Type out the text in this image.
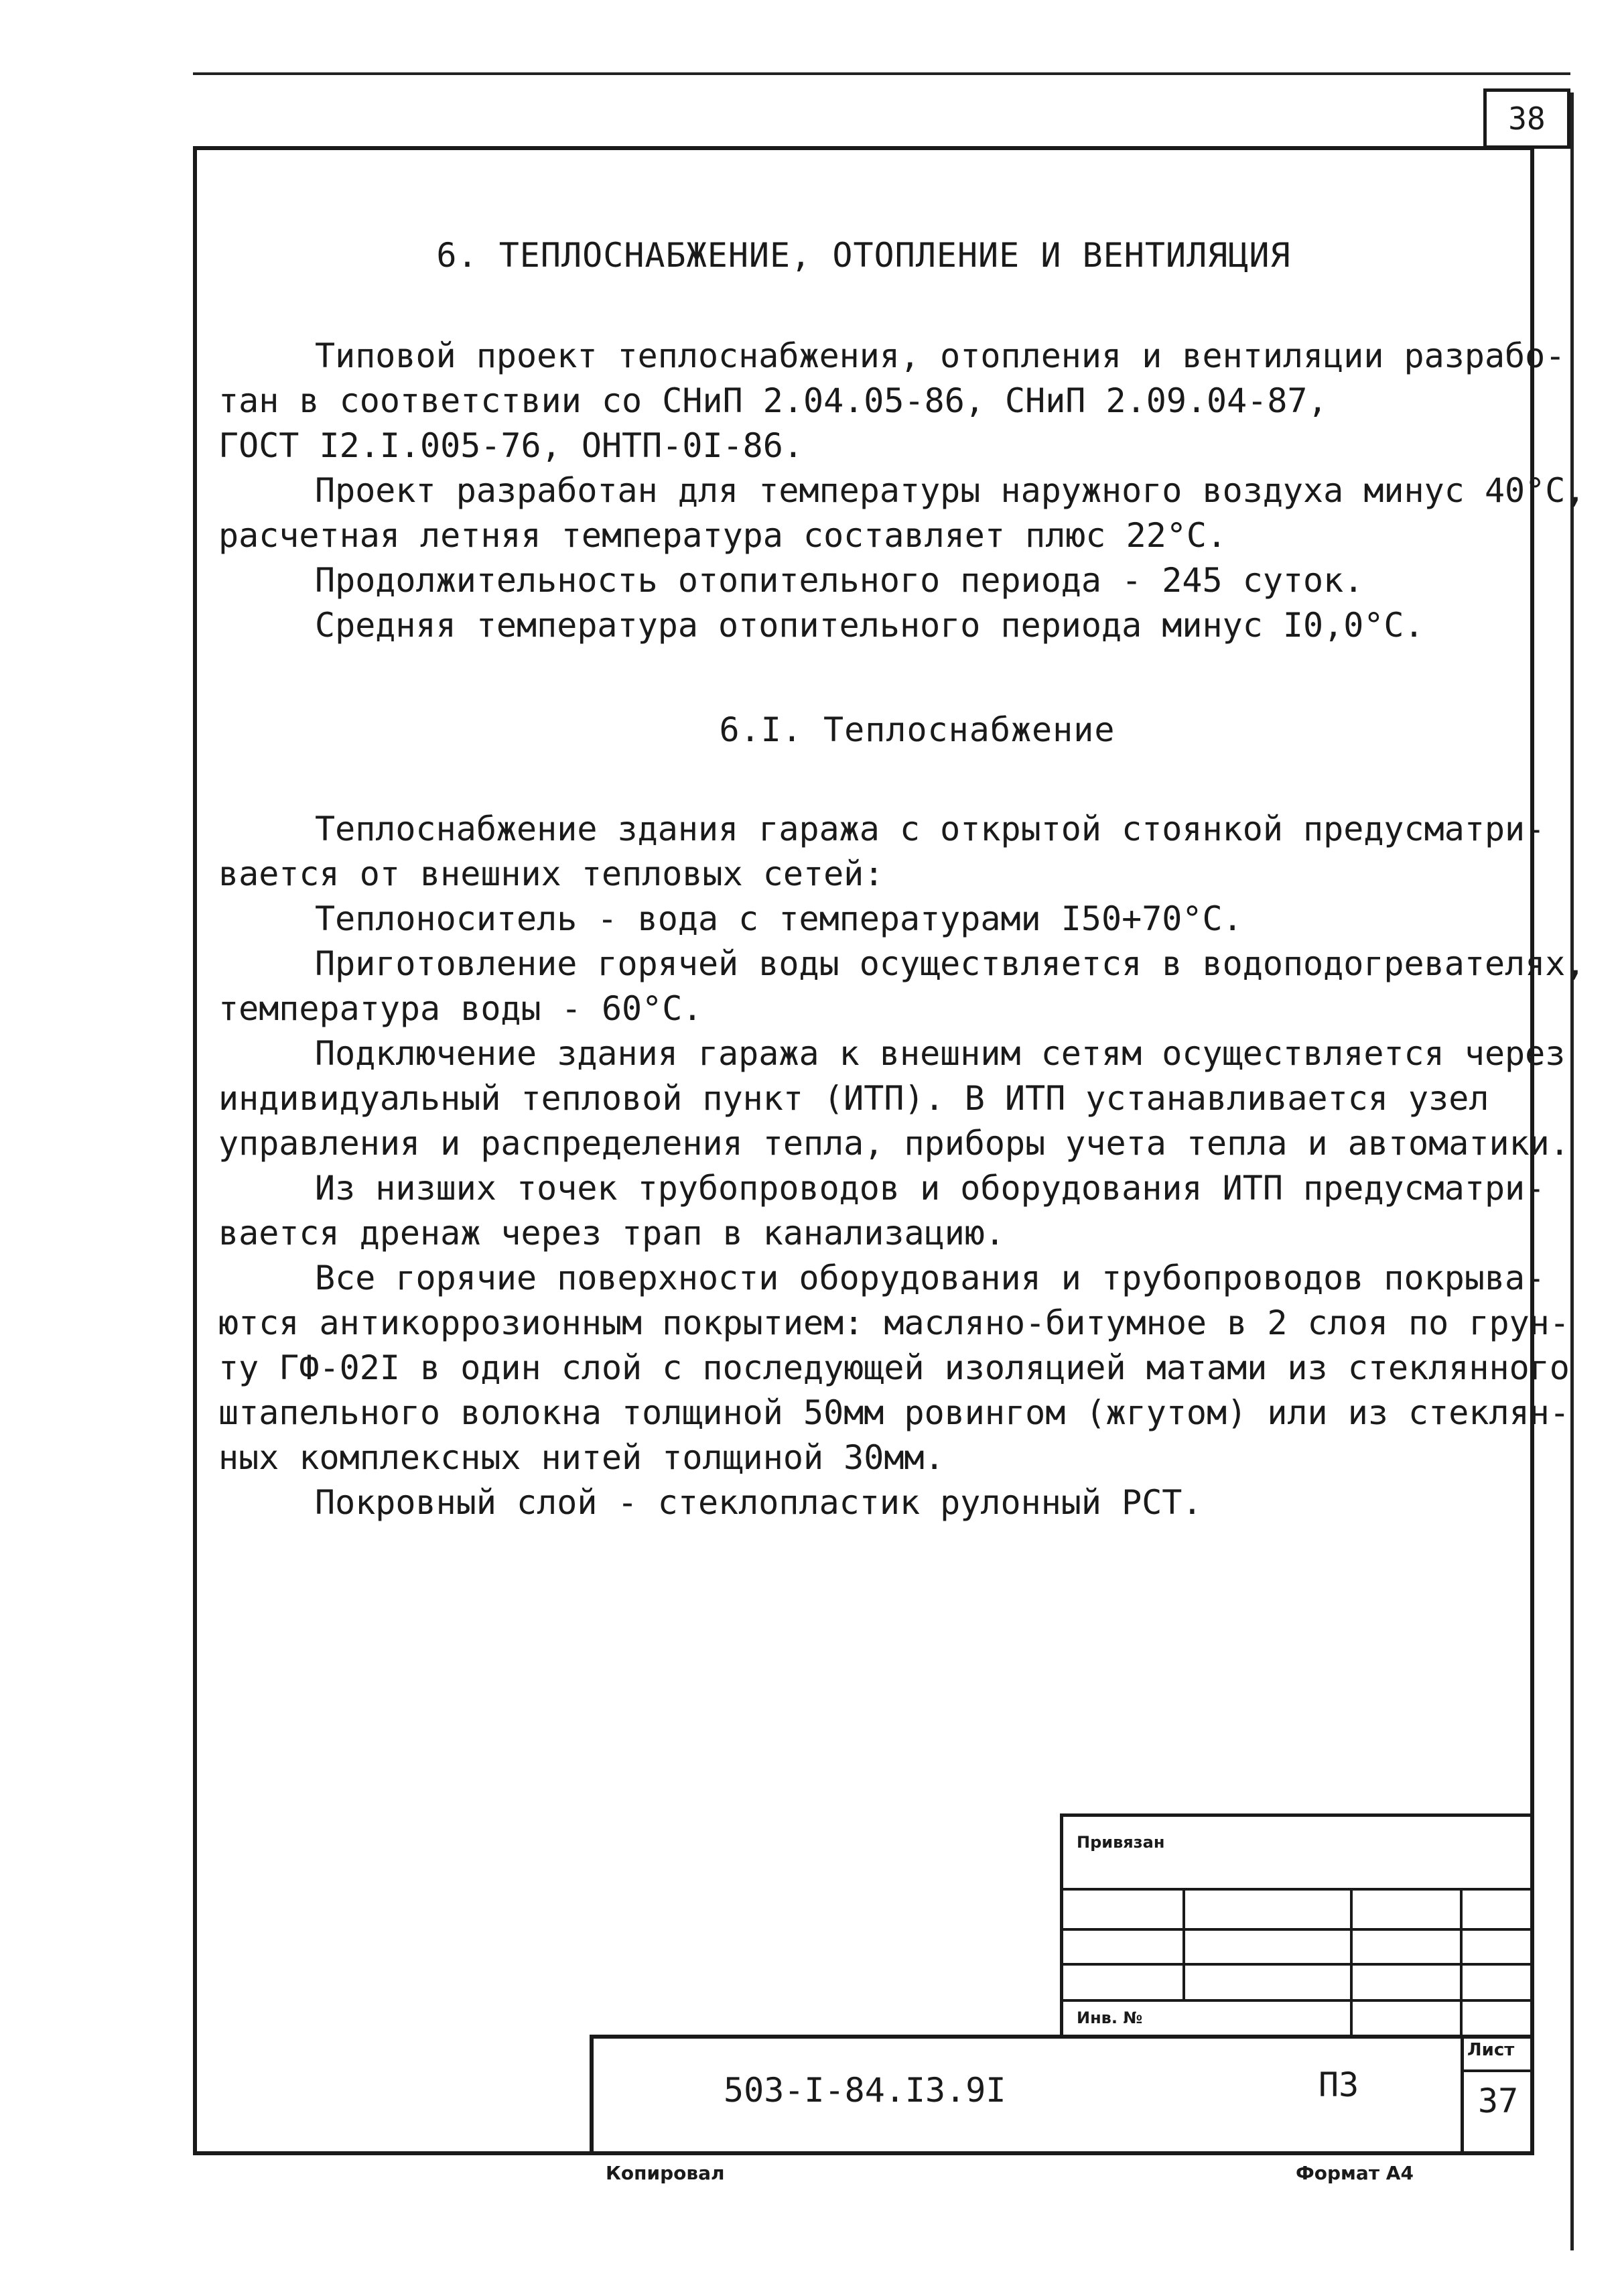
38
6. ТЕПЛОСНАБЖЕНИЕ, ОТОПЛЕНИЕ И ВЕНТИЛЯЦИЯ
Типовой проект теплоснабжения, отопления и вентиляции разрабо-
тан в соответствии со СНиП 2.04.05-86, СНиП 2.09.04-87,
ГОСТ I2.I.005-76, ОНТП-0I-86.
Проект разработан для температуры наружного воздуха минус 40°С,
расчетная летняя температура составляет плюс 22°С.
Продолжительность отопительного периода - 245 суток.
Средняя температура отопительного периода минус I0,0°С.
6.I. Теплоснабжение
Теплоснабжение здания гаража с открытой стоянкой предусматри-
вается от внешних тепловых сетей:
Теплоноситель - вода с температурами I50+70°С.
Приготовление горячей воды осуществляется в водоподогревателях,
температура воды - 60°С.
Подключение здания гаража к внешним сетям осуществляется через
индивидуальный тепловой пункт (ИТП). В ИТП устанавливается узел
управления и распределения тепла, приборы учета тепла и автоматики.
Из низших точек трубопроводов и оборудования ИТП предусматри-
вается дренаж через трап в канализацию.
Все горячие поверхности оборудования и трубопроводов покрыва-
ются антикоррозионным покрытием: масляно-битумное в 2 слоя по грун-
ту ГФ-02I в один слой с последующей изоляцией матами из стеклянного
штапельного волокна толщиной 50мм ровингом (жгутом) или из стеклян-
ных комплексных нитей толщиной 30мм.
Покровный слой - стеклопластик рулонный РСТ.
Привязан
Инв. №
503-I-84.I3.9I	ПЗ
Лист
37
Копировал	Формат А4
